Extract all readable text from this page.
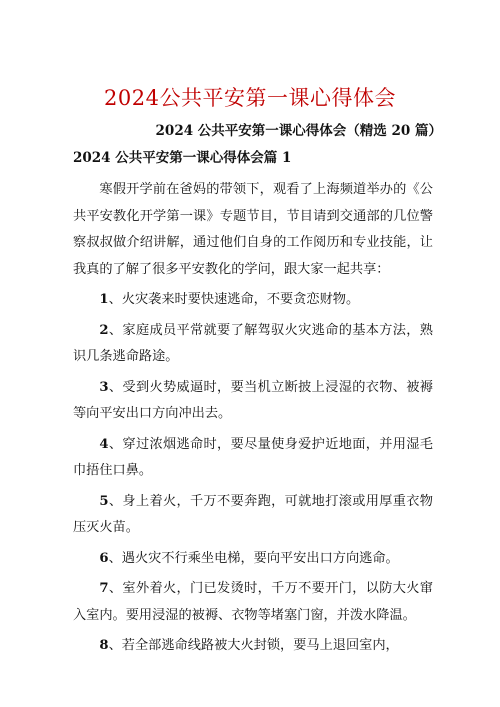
2024公共平安第一课心得体会
2024 公共平安第一课心得体会（精选 20 篇）
2024 公共平安第一课心得体会篇 1

寒假开学前在爸妈的带领下，观看了上海频道举办的《公共平安教化开学第一课》专题节目，节目请到交通部的几位警察叔叔做介绍讲解，通过他们自身的工作阅历和专业技能，让我真的了解了很多平安教化的学问，跟大家一起共享：

1、火灾袭来时要快速逃命，不要贪恋财物。

2、家庭成员平常就要了解驾驭火灾逃命的基本方法，熟识几条逃命路途。

3、受到火势威逼时，要当机立断披上浸湿的衣物、被褥等向平安出口方向冲出去。

4、穿过浓烟逃命时，要尽量使身爱护近地面，并用湿毛巾捂住口鼻。

5、身上着火，千万不要奔跑，可就地打滚或用厚重衣物压灭火苗。

6、遇火灾不行乘坐电梯，要向平安出口方向逃命。

7、室外着火，门已发烫时，千万不要开门，以防大火窜入室内。要用浸湿的被褥、衣物等堵塞门窗，并泼水降温。

8、若全部逃命线路被大火封锁，要马上退回室内，
